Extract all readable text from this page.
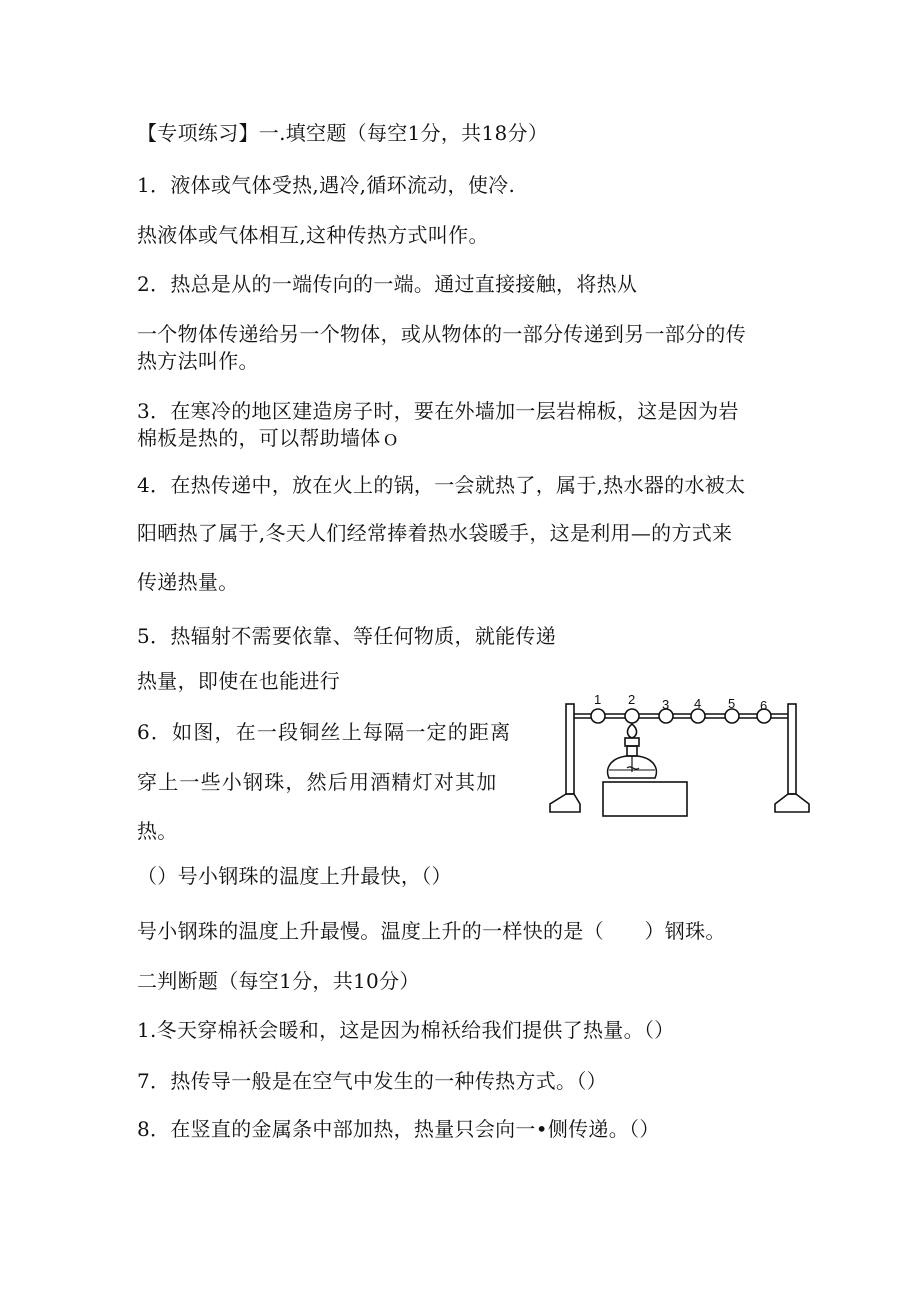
【专项练习】一.填空题（每空1分，共18分）
1．液体或气体受热,遇冷,循环流动，使冷.
热液体或气体相互,这种传热方式叫作。
2．热总是从的一端传向的一端。通过直接接触，将热从
一个物体传递给另一个物体，或从物体的一部分传递到另一部分的传
热方法叫作。
3．在寒冷的地区建造房子时，要在外墙加一层岩棉板，这是因为岩
棉板是热的，可以帮助墙体ｏ
4．在热传递中，放在火上的锅，一会就热了，属于,热水器的水被太
阳晒热了属于,冬天人们经常捧着热水袋暖手，这是利用—的方式来
传递热量。
5．热辐射不需要依靠、等任何物质，就能传递
热量，即使在也能进行
6．如图，在一段铜丝上每隔一定的距离
穿上一些小钢珠，然后用酒精灯对其加
热。
（）号小钢珠的温度上升最快，（）
号小钢珠的温度上升最慢。温度上升的一样快的是（　　）钢珠。
二判断题（每空1分，共10分）
1.冬天穿棉袄会暖和，这是因为棉袄给我们提供了热量。（）
7．热传导一般是在空气中发生的一种传热方式。（）
8．在竖直的金属条中部加热，热量只会向一•侧传递。（）
1 2 3 4 5 6
